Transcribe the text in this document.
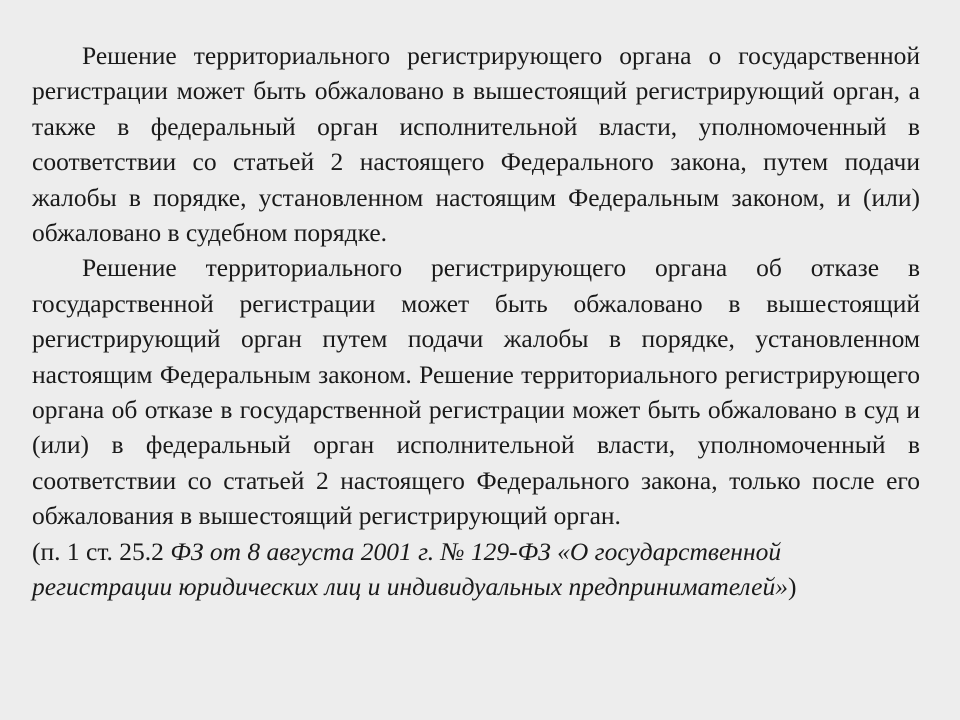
Решение территориального регистрирующего органа о государственной регистрации может быть обжаловано в вышестоящий регистрирующий орган, а также в федеральный орган исполнительной власти, уполномоченный в соответствии со статьей 2 настоящего Федерального закона, путем подачи жалобы в порядке, установленном настоящим Федеральным законом, и (или) обжаловано в судебном порядке.

Решение территориального регистрирующего органа об отказе в государственной регистрации может быть обжаловано в вышестоящий регистрирующий орган путем подачи жалобы в порядке, установленном настоящим Федеральным законом. Решение территориального регистрирующего органа об отказе в государственной регистрации может быть обжаловано в суд и (или) в федеральный орган исполнительной власти, уполномоченный в соответствии со статьей 2 настоящего Федерального закона, только после его обжалования в вышестоящий регистрирующий орган.

(п. 1 ст. 25.2 ФЗ от 8 августа 2001 г. № 129-ФЗ «О государственной регистрации юридических лиц и индивидуальных предпринимателей»)
